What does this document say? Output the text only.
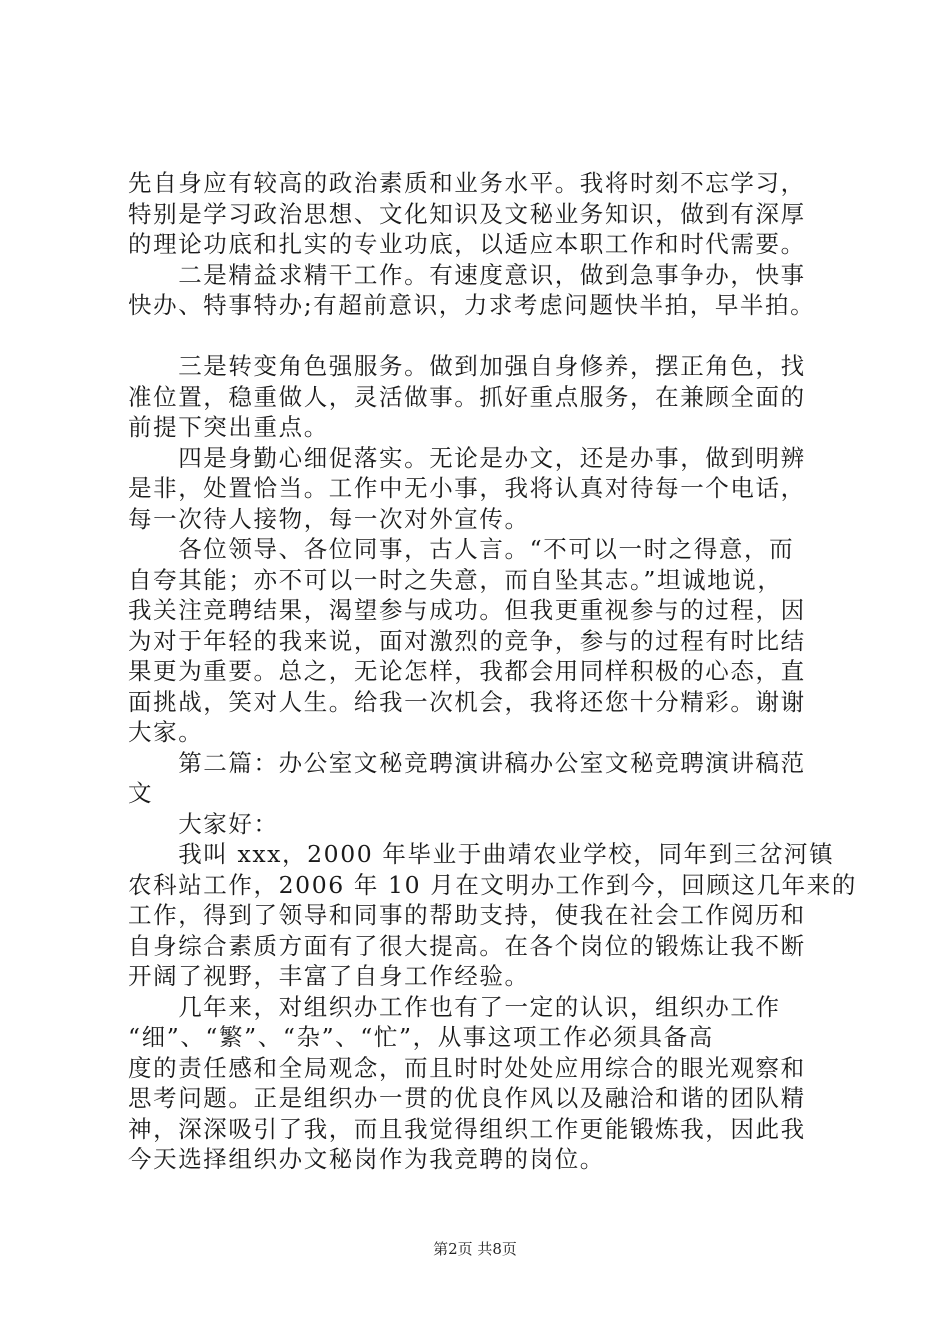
先自身应有较高的政治素质和业务水平。我将时刻不忘学习，
特别是学习政治思想、文化知识及文秘业务知识，做到有深厚
的理论功底和扎实的专业功底，以适应本职工作和时代需要。
　　二是精益求精干工作。有速度意识，做到急事争办，快事
快办、特事特办;有超前意识，力求考虑问题快半拍，早半拍。
　　三是转变角色强服务。做到加强自身修养，摆正角色，找
准位置，稳重做人，灵活做事。抓好重点服务，在兼顾全面的
前提下突出重点。
　　四是身勤心细促落实。无论是办文，还是办事，做到明辨
是非，处置恰当。工作中无小事，我将认真对待每一个电话，
每一次待人接物，每一次对外宣传。
　　各位领导、各位同事，古人言。“不可以一时之得意，而
自夸其能；亦不可以一时之失意，而自坠其志。”坦诚地说，
我关注竞聘结果，渴望参与成功。但我更重视参与的过程，因
为对于年轻的我来说，面对激烈的竞争，参与的过程有时比结
果更为重要。总之，无论怎样，我都会用同样积极的心态，直
面挑战，笑对人生。给我一次机会，我将还您十分精彩。谢谢
大家。
　　第二篇：办公室文秘竞聘演讲稿办公室文秘竞聘演讲稿范
文
　　大家好：
　　我叫 xxx，2000 年毕业于曲靖农业学校，同年到三岔河镇
农科站工作，2006 年 10 月在文明办工作到今，回顾这几年来的
工作，得到了领导和同事的帮助支持，使我在社会工作阅历和
自身综合素质方面有了很大提高。在各个岗位的锻炼让我不断
开阔了视野，丰富了自身工作经验。
　　几年来，对组织办工作也有了一定的认识，组织办工作
“细”、“繁”、“杂”、“忙”，从事这项工作必须具备高
度的责任感和全局观念，而且时时处处应用综合的眼光观察和
思考问题。正是组织办一贯的优良作风以及融洽和谐的团队精
神，深深吸引了我，而且我觉得组织工作更能锻炼我，因此我
今天选择组织办文秘岗作为我竞聘的岗位。
第2页 共8页
